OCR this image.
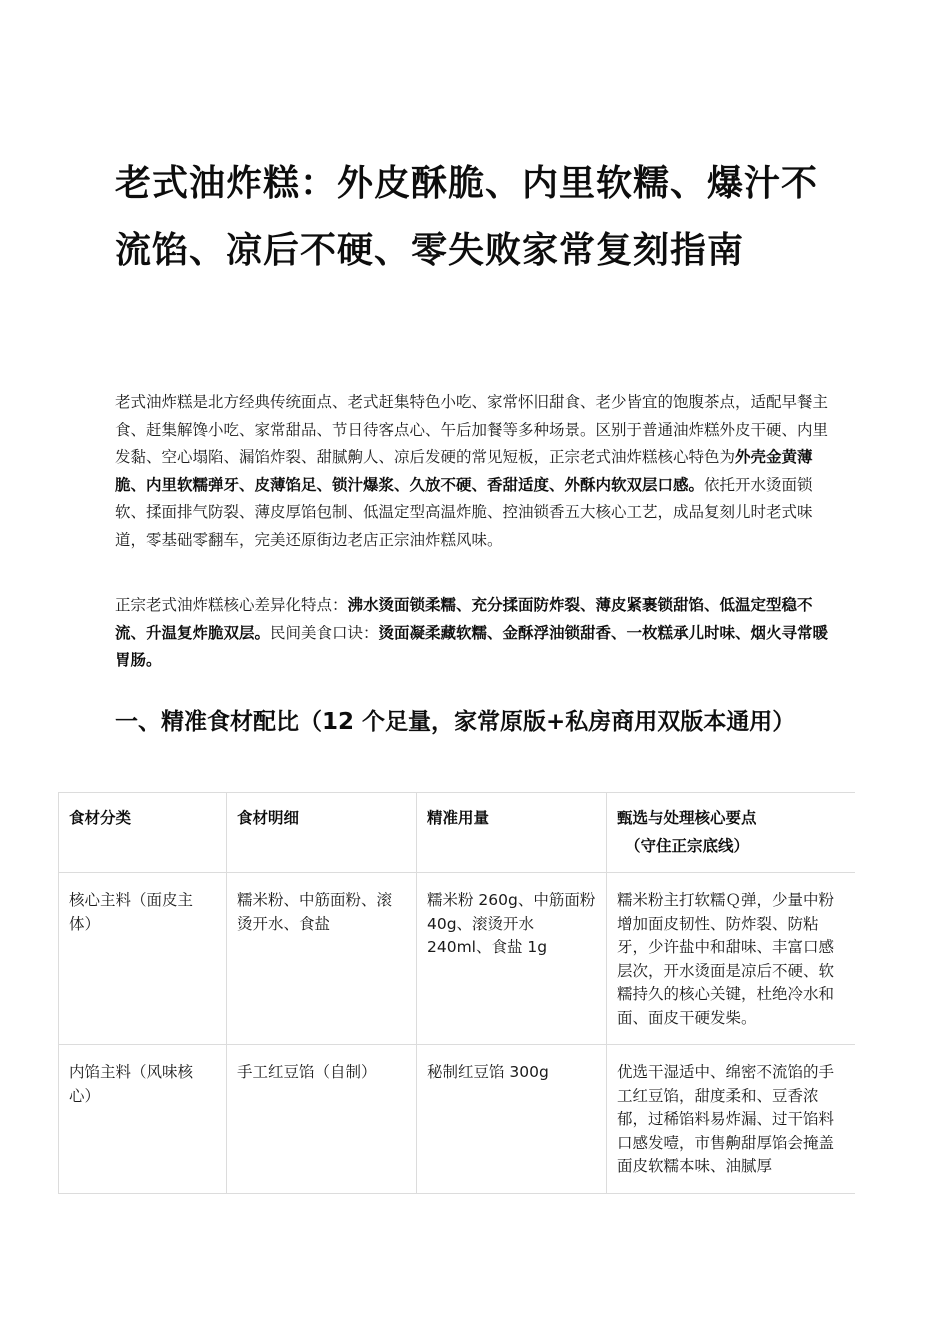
老式油炸糕：外皮酥脆、内里软糯、爆汁不流馅、凉后不硬、零失败家常复刻指南

老式油炸糕是北方经典传统面点、老式赶集特色小吃、家常怀旧甜食、老少皆宜的饱腹茶点，适配早餐主食、赶集解馋小吃、家常甜品、节日待客点心、午后加餐等多种场景。区别于普通油炸糕外皮干硬、内里发黏、空心塌陷、漏馅炸裂、甜腻齁人、凉后发硬的常见短板，正宗老式油炸糕核心特色为外壳金黄薄脆、内里软糯弹牙、皮薄馅足、锁汁爆浆、久放不硬、香甜适度、外酥内软双层口感。依托开水烫面锁软、揉面排气防裂、薄皮厚馅包制、低温定型高温炸脆、控油锁香五大核心工艺，成品复刻儿时老式味道，零基础零翻车，完美还原街边老店正宗油炸糕风味。

正宗老式油炸糕核心差异化特点：沸水烫面锁柔糯、充分揉面防炸裂、薄皮紧裹锁甜馅、低温定型稳不流、升温复炸脆双层。民间美食口诀：烫面凝柔藏软糯、金酥浮油锁甜香、一枚糕承儿时味、烟火寻常暖胃肠。

一、精准食材配比（12 个足量，家常原版+私房商用双版本通用）
食材分类	食材明细	精准用量	甄选与处理核心要点
（守住正宗底线）

核心主料（面皮主体）	糯米粉、中筋面粉、滚烫开水、食盐	糯米粉 260g、中筋面粉 40g、滚烫开水 240ml、食盐 1g	糯米粉主打软糯Ｑ弹，少量中粉增加面皮韧性、防炸裂、防粘牙，少许盐中和甜味、丰富口感层次，开水烫面是凉后不硬、软糯持久的核心关键，杜绝冷水和面、面皮干硬发柴。
内馅主料（风味核心）	手工红豆馅（自制）	秘制红豆馅 300g	优选干湿适中、绵密不流馅的手工红豆馅，甜度柔和、豆香浓郁，过稀馅料易炸漏、过干馅料口感发噎，市售齁甜厚馅会掩盖面皮软糯本味、油腻厚
